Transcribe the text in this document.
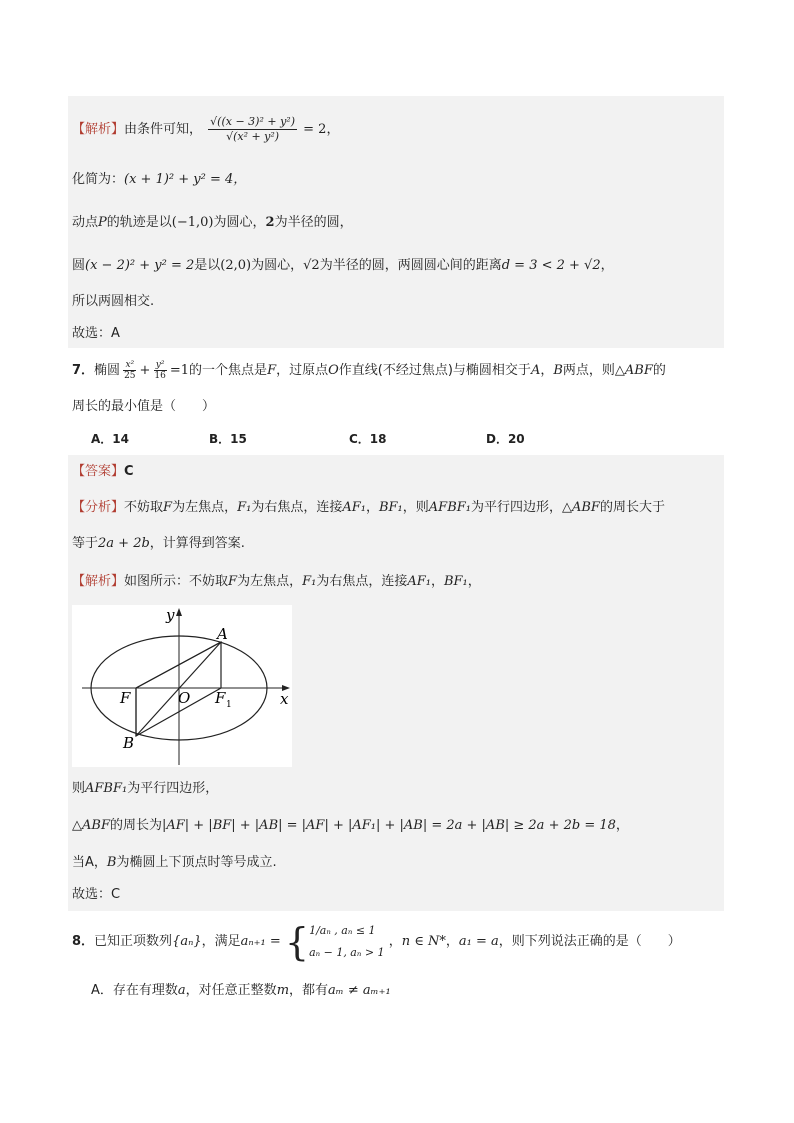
【解析】由条件可知， $\frac{\text{√((x − 3)² + y²)}}{\text{√(x² + y²)}} = 2$，
化简为：(x + 1)² + y² = 4，
动点P的轨迹是以(−1,0)为圆心，2为半径的圆，
圆(x − 2)² + y² = 2是以(2,0)为圆心，√2为半径的圆，两圆圆心间的距离d = 3 < 2 + √2，
所以两圆相交.
故选：A
7．椭圆 $\frac{\text{x²}}{25} + \frac{\text{y²}}{16} =1$的一个焦点是F，过原点O作直线(不经过焦点)与椭圆相交于A，B两点，则△ABF的
周长的最小值是（　　）
A．14	B．15	C．18	D．20
【答案】C
【分析】不妨取F为左焦点，F₁为右焦点，连接AF₁，BF₁，则AFBF₁为平行四边形，△ABF的周长大于
等于2a + 2b，计算得到答案.
【解析】如图所示：不妨取F为左焦点，F₁为右焦点，连接AF₁，BF₁，
y
x
A
B
F	O F 1
则AFBF₁为平行四边形，
△ABF的周长为|AF| + |BF| + |AB| = |AF| + |AF₁| + |AB| = 2a + |AB| ≥ 2a + 2b = 18，
当A，B为椭圆上下顶点时等号成立.
故选：C
8．已知正项数列{aₙ}，满足aₙ₊₁ = { 1/aₙ , aₙ ≤ 1
aₙ − 1, aₙ > 1
，n ∈ N*，a₁ = a，则下列说法正确的是（　　）
A．存在有理数a，对任意正整数m，都有aₘ ≠ aₘ₊₁
